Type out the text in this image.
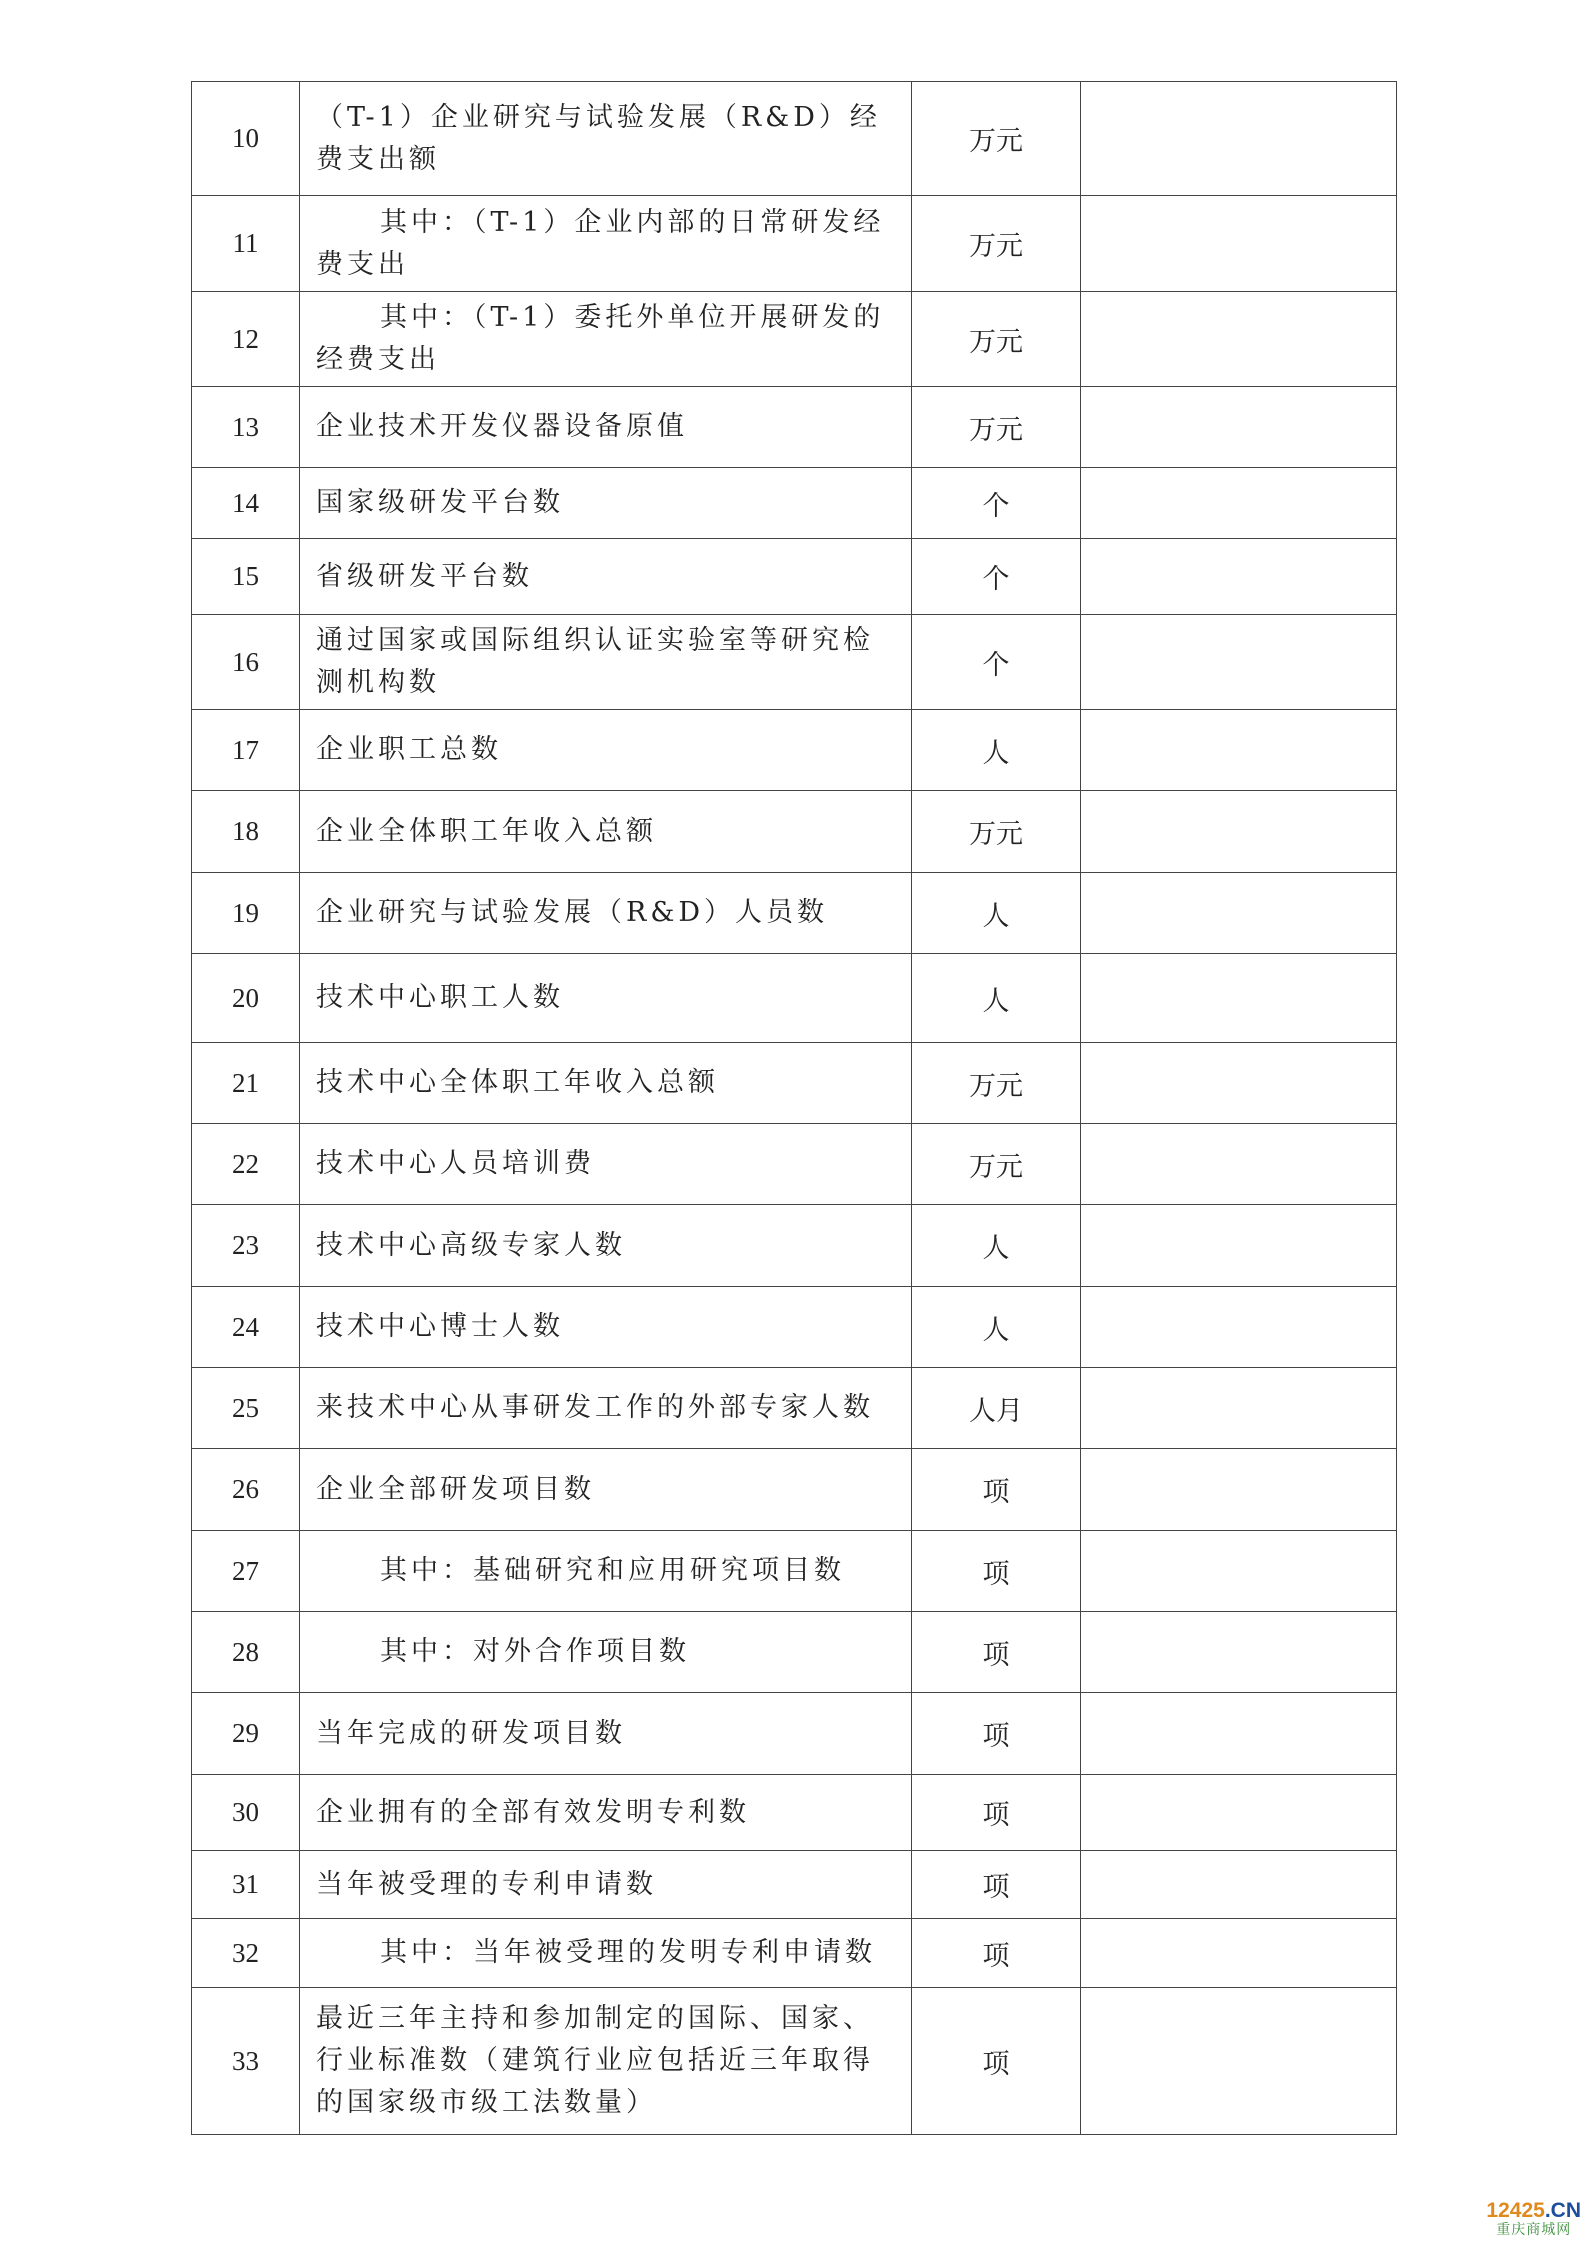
10	（T-1）企业研究与试验发展（R&D）经费支出额	万元	
11	其中：（T-1）企业内部的日常研发经费支出	万元	
12	其中：（T-1）委托外单位开展研发的经费支出	万元	
13	企业技术开发仪器设备原值	万元	
14	国家级研发平台数	个	
15	省级研发平台数	个	
16	通过国家或国际组织认证实验室等研究检测机构数	个	
17	企业职工总数	人	
18	企业全体职工年收入总额	万元	
19	企业研究与试验发展（R&D）人员数	人	
20	技术中心职工人数	人	
21	技术中心全体职工年收入总额	万元	
22	技术中心人员培训费	万元	
23	技术中心高级专家人数	人	
24	技术中心博士人数	人	
25	来技术中心从事研发工作的外部专家人数	人月	
26	企业全部研发项目数	项	
27	其中：基础研究和应用研究项目数	项	
28	其中：对外合作项目数	项	
29	当年完成的研发项目数	项	
30	企业拥有的全部有效发明专利数	项	
31	当年被受理的专利申请数	项	
32	其中：当年被受理的发明专利申请数	项	
33	最近三年主持和参加制定的国际、国家、行业标准数（建筑行业应包括近三年取得的国家级市级工法数量）	项	
12425.CN
重庆商城网
